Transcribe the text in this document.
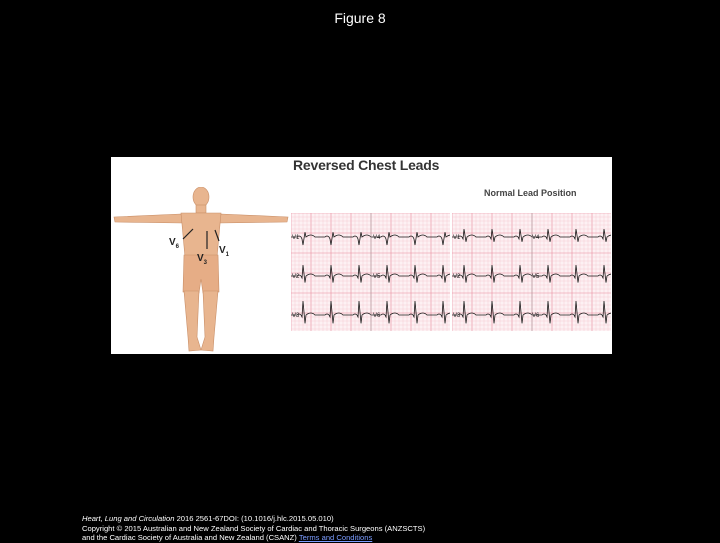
Figure 8
Reversed Chest Leads
Normal Lead Position
$V_6$
$V_3$
$V_1$
V1
V2
V3
V4
V5
V6
V1
V2
V3
V4
V5
V6
Heart, Lung and Circulation 2016 2561-67DOI: (10.1016/j.hlc.2015.05.010)
Copyright © 2015 Australian and New Zealand Society of Cardiac and Thoracic Surgeons (ANZSCTS)
and the Cardiac Society of Australia and New Zealand (CSANZ) Terms and Conditions
